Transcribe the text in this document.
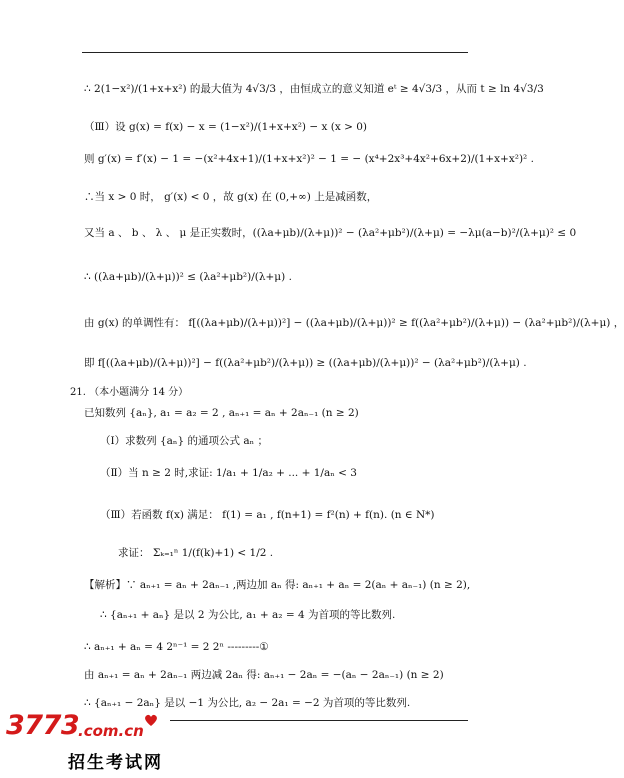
∴ 2(1−x²)/(1+x+x²) 的最大值为 4√3/3 ，由恒成立的意义知道 eᵗ ≥ 4√3/3 ，从而 t ≥ ln 4√3/3
（Ⅲ）设 g(x) = f(x) − x = (1−x²)/(1+x+x²) − x (x > 0)
则 g′(x) = f′(x) − 1 = −(x²+4x+1)/(1+x+x²)² − 1 = − (x⁴+2x³+4x²+6x+2)/(1+x+x²)² .
∴当 x > 0 时， g′(x) < 0 ，故 g(x) 在 (0,+∞) 上是减函数，
又当 a 、 b 、 λ 、 μ 是正实数时，((λa+μb)/(λ+μ))² − (λa²+μb²)/(λ+μ) = −λμ(a−b)²/(λ+μ)² ≤ 0
∴ ((λa+μb)/(λ+μ))² ≤ (λa²+μb²)/(λ+μ) .
由 g(x) 的单调性有： f[((λa+μb)/(λ+μ))²] − ((λa+μb)/(λ+μ))² ≥ f((λa²+μb²)/(λ+μ)) − (λa²+μb²)/(λ+μ) ，
即 f[((λa+μb)/(λ+μ))²] − f((λa²+μb²)/(λ+μ)) ≥ ((λa+μb)/(λ+μ))² − (λa²+μb²)/(λ+μ) .
21. （本小题满分 14 分）
已知数列 {aₙ}, a₁ = a₂ = 2 , aₙ₊₁ = aₙ + 2aₙ₋₁ (n ≥ 2)
（Ⅰ）求数列 {aₙ} 的通项公式 aₙ ；
（Ⅱ）当 n ≥ 2 时,求证: 1/a₁ + 1/a₂ + ... + 1/aₙ < 3
（Ⅲ）若函数 f(x) 满足： f(1) = a₁ , f(n+1) = f²(n) + f(n). (n ∈ N*)
求证： Σₖ₌₁ⁿ 1/(f(k)+1) < 1/2 .
【解析】∵ aₙ₊₁ = aₙ + 2aₙ₋₁ ,两边加 aₙ 得: aₙ₊₁ + aₙ = 2(aₙ + aₙ₋₁) (n ≥ 2),
∴ {aₙ₊₁ + aₙ} 是以 2 为公比, a₁ + a₂ = 4 为首项的等比数列.
∴ aₙ₊₁ + aₙ = 4 2ⁿ⁻¹ = 2 2ⁿ ---------①
由 aₙ₊₁ = aₙ + 2aₙ₋₁ 两边减 2aₙ 得: aₙ₊₁ − 2aₙ = −(aₙ − 2aₙ₋₁) (n ≥ 2)
∴ {aₙ₊₁ − 2aₙ} 是以 −1 为公比, a₂ − 2a₁ = −2 为首项的等比数列.
3773
.com.cn
招生考试网
